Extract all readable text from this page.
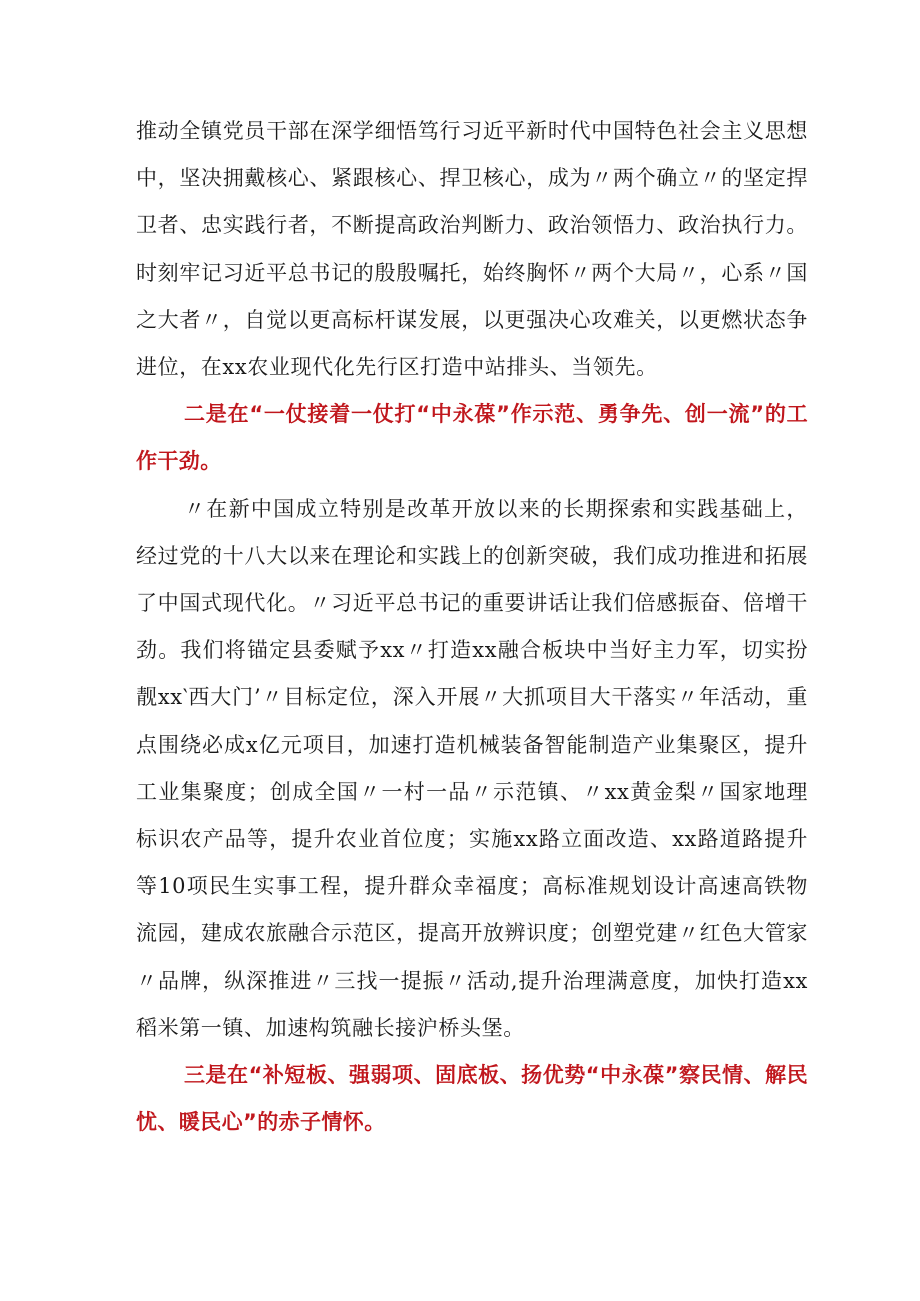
推动全镇党员干部在深学细悟笃行习近平新时代中国特色社会主义思想中，坚决拥戴核心、紧跟核心、捍卫核心，成为〃两个确立〃的坚定捍卫者、忠实践行者，不断提高政治判断力、政治领悟力、政治执行力。时刻牢记习近平总书记的殷殷嘱托，始终胸怀〃两个大局〃，心系〃国之大者〃，自觉以更高标杆谋发展，以更强决心攻难关，以更燃状态争进位，在xx农业现代化先行区打造中站排头、当领先。

二是在“一仗接着一仗打“中永葆”作示范、勇争先、创一流”的工作干劲。

〃在新中国成立特别是改革开放以来的长期探索和实践基础上，经过党的十八大以来在理论和实践上的创新突破，我们成功推进和拓展了中国式现代化。〃习近平总书记的重要讲话让我们倍感振奋、倍增干劲。我们将锚定县委赋予xx〃打造xx融合板块中当好主力军，切实扮靓xx‵西大门’〃目标定位，深入开展〃大抓项目大干落实〃年活动，重点围绕必成x亿元项目，加速打造机械装备智能制造产业集聚区，提升工业集聚度；创成全国〃一村一品〃示范镇、〃xx黄金梨〃国家地理标识农产品等，提升农业首位度；实施xx路立面改造、xx路道路提升等10项民生实事工程，提升群众幸福度；高标准规划设计高速高铁物流园，建成农旅融合示范区，提高开放辨识度；创塑党建〃红色大管家〃品牌，纵深推进〃三找一提振〃活动,提升治理满意度，加快打造xx稻米第一镇、加速构筑融长接沪桥头堡。

三是在“补短板、强弱项、固底板、扬优势“中永葆”察民情、解民忧、暖民心”的赤子情怀。
